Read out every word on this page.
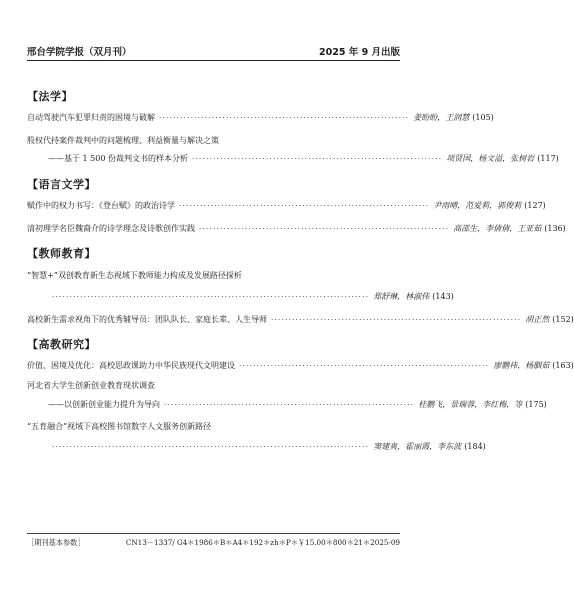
邢台学院学报（双月刊）	2025 年 9 月出版
【法学】
自动驾驶汽车犯罪归责的困境与破解 ······································································· 姜盼盼，王润慧 (105)
股权代持案件裁判中的问题梳理、利益衡量与解决之策
——基于 1 500 份裁判文书的样本分析 ······································································· 项贤国，杨文溢，张树岩 (117)
【语言文学】
赋作中的权力书写：《登台赋》的政治诗学 ······································································· 尹雨晴，范爱莉，郭俊莉 (127)
清初理学名臣魏裔介的诗学理念及诗歌创作实践 ······································································· 高邵生，李倩倩，王亚茹 (136)
【教师教育】
“智慧+”双创教育新生态视域下教师能力构成及发展路径探析
·························································································· 郑舒琳，林淑伟 (143)
高校新生需求视角下的优秀辅导员：团队队长、家庭长辈、人生导师 ······································································· 胡正然 (152)
【高教研究】
价值、困境及优化：高校思政课助力中华民族现代文明建设 ······································································· 廖鹏祎，杨胭茹 (163)
河北省大学生创新创业教育现状调查
——以创新创业能力提升为导向 ······································································· 桂鹏飞，景瑞蓉，李红梅，等 (175)
“五育融合”视域下高校图书馆数字人文服务创新路径
·························································································· 窦建爽，霍丽霞，李东波 (184)
［期刊基本参数］	CN13－1337/ G4＊1986＊B＊A4＊192＊zh＊P＊￥15.00＊800＊21＊2025-09
